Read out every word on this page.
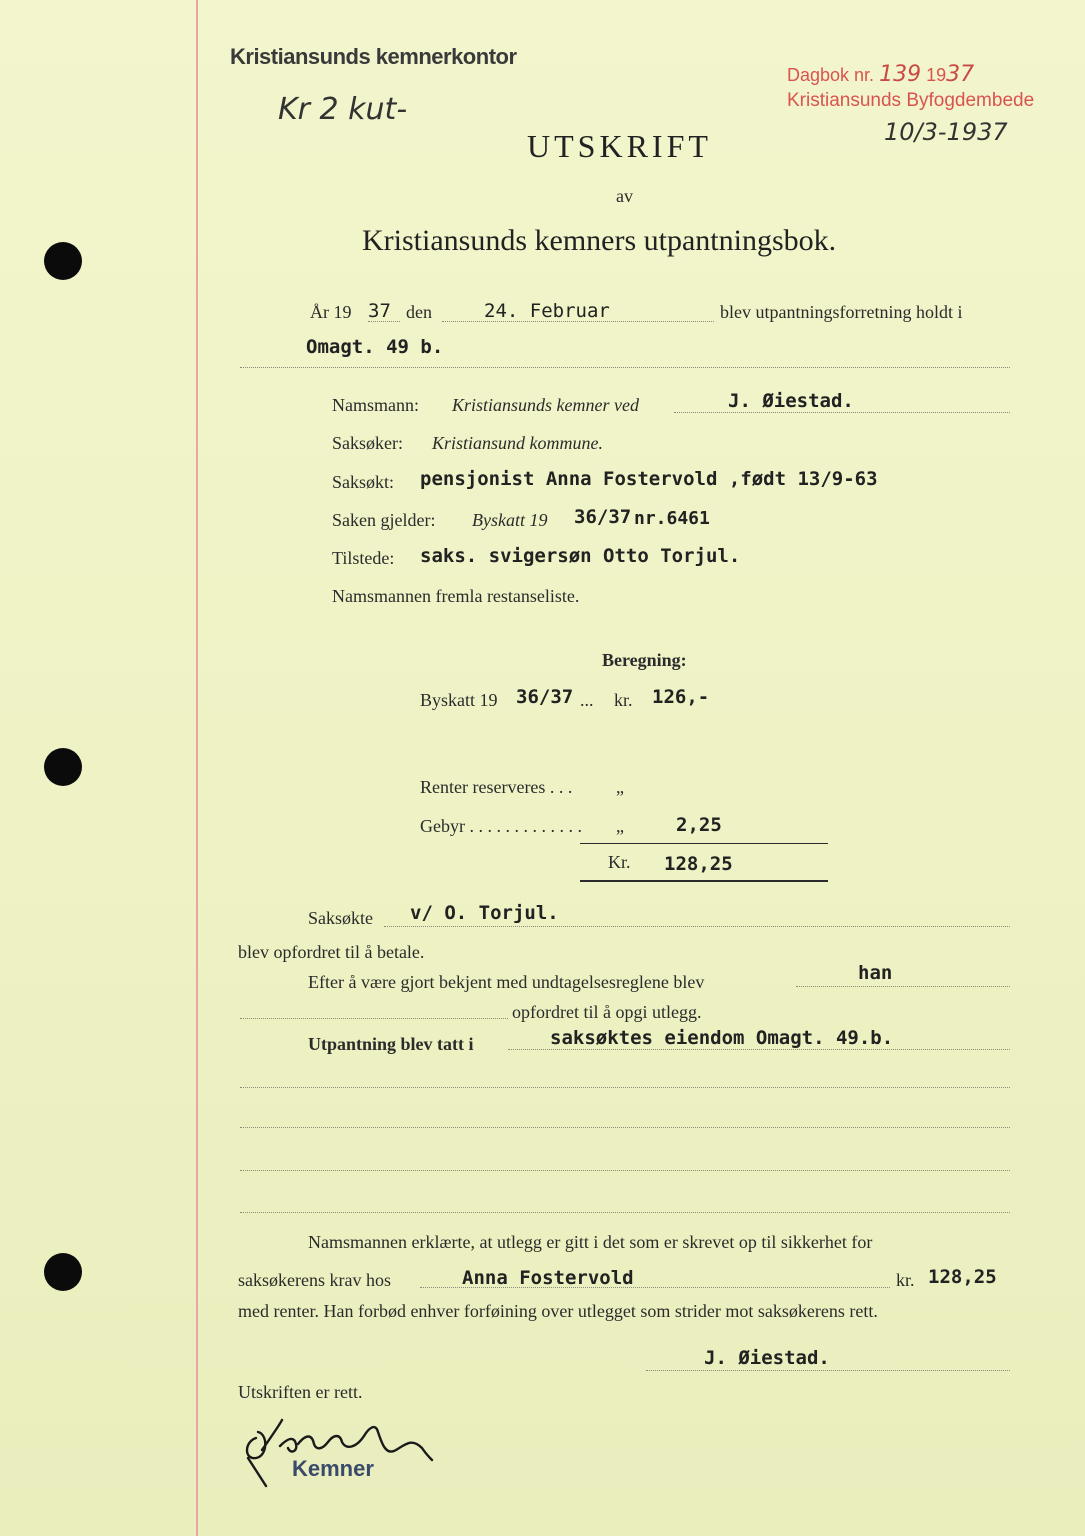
Kristiansunds kemnerkontor
Kr 2 kut-
Dagbok nr. 139 1937
Kristiansunds Byfogdembede
10/3-1937
UTSKRIFT
av
Kristiansunds kemners utpantningsbok.
År 19 37 den	24. Februar	blev utpantningsforretning holdt i
Omagt. 49 b.
Namsmann: Kristiansunds kemner ved	J. Øiestad.
Saksøker: Kristiansund kommune.
Saksøkt: pensjonist Anna Fostervold ,født 13/9-63
Saken gjelder: Byskatt 19 36/37 nr.6461
Tilstede: saks. svigersøn Otto Torjul.
Namsmannen fremla restanseliste.
Beregning:
Byskatt 19 36/37 ... kr. 126,-
Renter reserveres . . . „
Gebyr . . . . . . . . . . . . . „	2,25
Kr. 128,25
Saksøkte v/ O. Torjul.
blev opfordret til å betale.
Efter å være gjort bekjent med undtagelsesreglene blev	han
opfordret til å opgi utlegg.
Utpantning blev tatt i	saksøktes eiendom Omagt. 49.b.
Namsmannen erklærte, at utlegg er gitt i det som er skrevet op til sikkerhet for
saksøkerens krav hos	Anna Fostervold	kr. 128,25
med renter. Han forbød enhver forføining over utlegget som strider mot saksøkerens rett.
J. Øiestad.
Utskriften er rett.
Kemner
